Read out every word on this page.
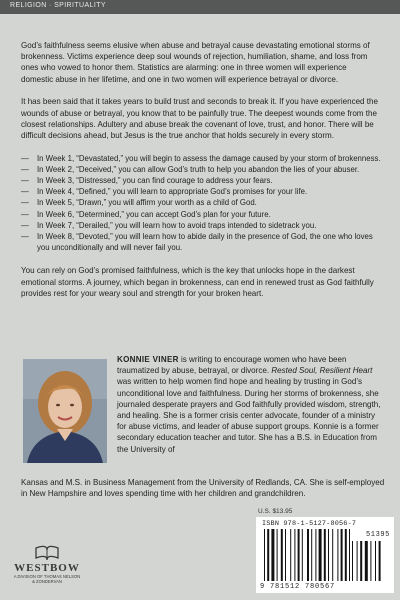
RELIGION · SPIRITUALITY

God’s faithfulness seems elusive when abuse and betrayal cause devastating emotional storms of brokenness. Victims experience deep soul wounds of rejection, humiliation, shame, and loss from ones who vowed to honor them. Statistics are alarming: one in three women will experience domestic abuse in her lifetime, and one in two women will experience betrayal or divorce.

It has been said that it takes years to build trust and seconds to break it. If you have experienced the wounds of abuse or betrayal, you know that to be painfully true. The deepest wounds come from the closest relationships. Adultery and abuse break the covenant of love, trust, and honor. There will be difficult decisions ahead, but Jesus is the true anchor that holds securely in every storm.

—	In Week 1, “Devastated,” you will begin to assess the damage caused by your storm of brokenness.
—	In Week 2, “Deceived,” you can allow God’s truth to help you abandon the lies of your abuser.
—	In Week 3, “Distressed,” you can find courage to address your fears.
—	In Week 4, “Defined,” you will learn to appropriate God’s promises for your life.
—	In Week 5, “Drawn,” you will affirm your worth as a child of God.
—	In Week 6, “Determined,” you can accept God’s plan for your future.
—	In Week 7, “Derailed,” you will learn how to avoid traps intended to sidetrack you.
—	In Week 8, “Devoted,” you will learn how to abide daily in the presence of God, the one who loves you unconditionally and will never fail you.

You can rely on God’s promised faithfulness, which is the key that unlocks hope in the darkest emotional storms. A journey, which began in brokenness, can end in renewed trust as God faithfully provides rest for your weary soul and strength for your broken heart.

KONNIE VINER is writing to encourage women who have been traumatized by abuse, betrayal, or divorce. Rested Soul, Resilient Heart was written to help women find hope and healing by trusting in God’s unconditional love and faithfulness. During her storms of brokenness, she journaled desperate prayers and God faithfully provided wisdom, strength, and healing. She is a former crisis center advocate, founder of a ministry for abuse victims, and leader of abuse support groups. Konnie is a former secondary education teacher and tutor. She has a B.S. in Education from the University of
Kansas and M.S. in Business Management from the University of Redlands, CA. She is self-employed in New Hampshire and loves spending time with her children and grandchildren.
U.S. $13.95
ISBN 978-1-5127-8056-7
51395
9 781512 780567
WESTBOW
A DIVISION OF THOMAS NELSON & ZONDERVAN
